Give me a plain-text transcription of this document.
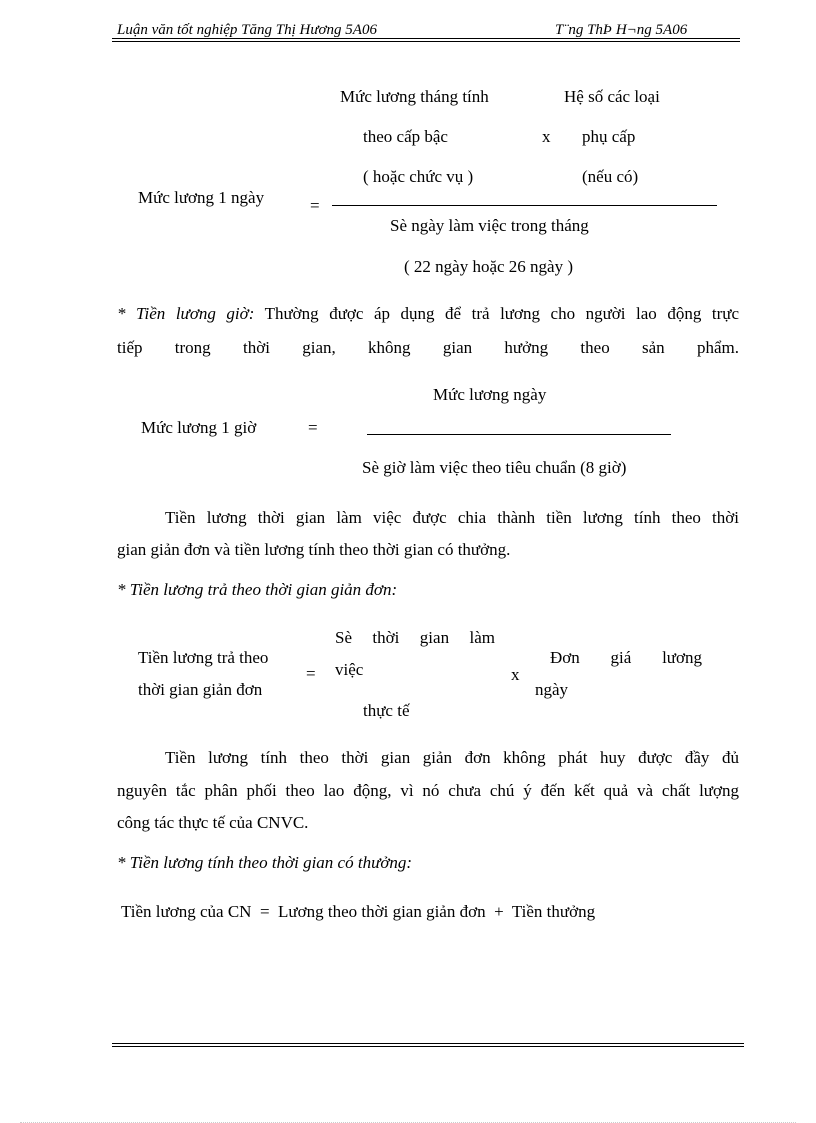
Luận văn tốt nghiệp Tăng Thị Hương 5A06	T¨ng ThÞ H¬ng 5A06
Mức lương tháng tính	Hệ số các loại
theo cấp bậc	x phụ cấp
( hoặc chức vụ )	(nếu có)
Mức lương 1 ngày	=
Sè ngày làm việc trong tháng
( 22 ngày hoặc 26 ngày )
* Tiền lương giờ: Thường được áp dụng để trả lương cho người lao động trực
tiếp trong thời gian, không gian hưởng theo sản phẩm.
Mức lương ngày
Mức lương 1 giờ	=
Sè giờ làm việc theo tiêu chuẩn (8 giờ)
Tiền lương thời gian làm việc được chia thành tiền lương tính theo thời
gian giản đơn và tiền lương tính theo thời gian có thưởng.
* Tiền lương trả theo thời gian giản đơn:
Sè thời gian làm
Tiền lương trả theo	Đơn giá lương
việc
=	x
thời gian giản đơn	ngày
thực tế
Tiền lương tính theo thời gian giản đơn không phát huy được đầy đủ
nguyên tắc phân phối theo lao động, vì nó chưa chú ý đến kết quả và chất lượng
công tác thực tế của CNVC.
* Tiền lương tính theo thời gian có thưởng:
Tiền lương của CN  =  Lương theo thời gian giản đơn  +  Tiền thưởng
